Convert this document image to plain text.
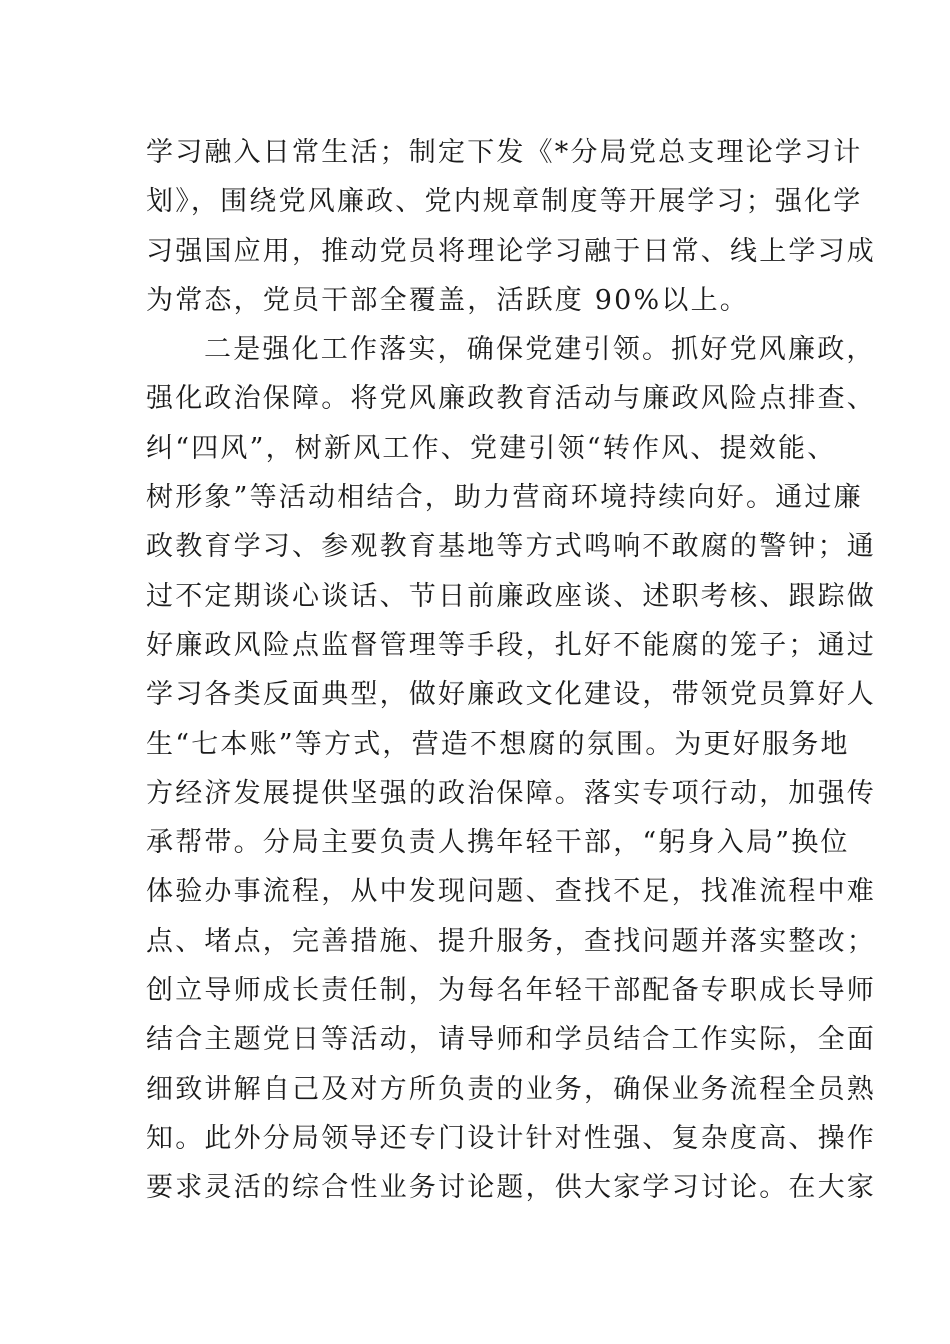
学习融入日常生活；制定下发《*分局党总支理论学习计
划》，围绕党风廉政、党内规章制度等开展学习；强化学
习强国应用，推动党员将理论学习融于日常、线上学习成
为常态，党员干部全覆盖，活跃度 90%以上。
二是强化工作落实，确保党建引领。抓好党风廉政，
强化政治保障。将党风廉政教育活动与廉政风险点排查、
纠“四风”，树新风工作、党建引领“转作风、提效能、
树形象”等活动相结合，助力营商环境持续向好。通过廉
政教育学习、参观教育基地等方式鸣响不敢腐的警钟；通
过不定期谈心谈话、节日前廉政座谈、述职考核、跟踪做
好廉政风险点监督管理等手段，扎好不能腐的笼子；通过
学习各类反面典型，做好廉政文化建设，带领党员算好人
生“七本账”等方式，营造不想腐的氛围。为更好服务地
方经济发展提供坚强的政治保障。落实专项行动，加强传
承帮带。分局主要负责人携年轻干部，“躬身入局”换位
体验办事流程，从中发现问题、查找不足，找准流程中难
点、堵点，完善措施、提升服务，查找问题并落实整改；
创立导师成长责任制，为每名年轻干部配备专职成长导师
结合主题党日等活动，请导师和学员结合工作实际，全面
细致讲解自己及对方所负责的业务，确保业务流程全员熟
知。此外分局领导还专门设计针对性强、复杂度高、操作
要求灵活的综合性业务讨论题，供大家学习讨论。在大家
